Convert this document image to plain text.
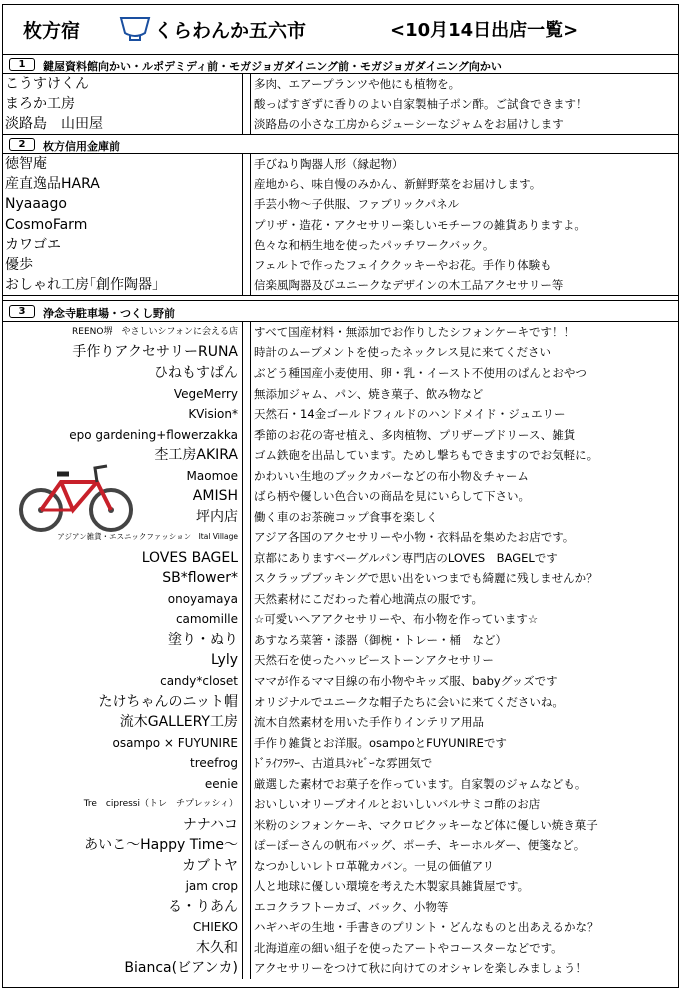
枚方宿	くらわんか五六市	<10月14日出店一覧>
1	鍵屋資料館向かい・ルポデミディ前・モガジョガダイニング前・モガジョガダイニング向かい
こうすけくん	多肉、エアープランツや他にも植物を。
まろか工房	酸っぱすぎずに香りのよい自家製柚子ポン酢。ご試食できます！
淡路島　山田屋	淡路島の小さな工房からジューシーなジャムをお届けします
2	枚方信用金庫前
徳智庵	手びねり陶器人形（縁起物）
産直逸品HARA	産地から、味自慢のみかん、新鮮野菜をお届けします。
Nyaaago	手芸小物～子供服、ファブリックパネル
CosmoFarm	プリザ・造花・アクセサリー楽しいモチーフの雑貨ありますよ。
カワゴエ	色々な和柄生地を使ったパッチワークバック。
優歩	フェルトで作ったフェイククッキーやお花。手作り体験も
おしゃれ工房｢創作陶器｣	信楽風陶器及びユニークなデザインの木工品アクセサリー等
3	浄念寺駐車場・つくし野前
REENO堺　やさしいシフォンに会える店	すべて国産材料・無添加でお作りしたシフォンケーキです！！
手作りアクセサリーRUNA	時計のムーブメントを使ったネックレス見に来てください
ひねもすぱん	ぶどう種国産小麦使用、卵・乳・イースト不使用のぱんとおやつ
VegeMerry	無添加ジャム、パン、焼き菓子、飲み物など
KVision*	天然石・14金ゴールドフィルドのハンドメイド・ジュエリー
epo gardening+flowerzakka	季節のお花の寄せ植え、多肉植物、プリザーブドリース、雑貨
杢工房AKIRA	ゴム鉄砲を出品しています。ためし撃ちもできますのでお気軽に。
Maomoe	かわいい生地のブックカバーなどの布小物＆チャーム
AMISH	ばら柄や優しい色合いの商品を見にいらして下さい。
坪内店	働く車のお茶碗コップ食事を楽しく
アジアン雑貨・エスニックファッション　Ital Village	アジア各国のアクセサリーや小物・衣料品を集めたお店です。
LOVES BAGEL	京都にありますベーグルパン専門店のLOVES　BAGELです
SB*flower*	スクラップブッキングで思い出をいつまでも綺麗に残しませんか？
onoyamaya	天然素材にこだわった着心地満点の服です。
camomille	☆可愛いヘアアクセサリーや、布小物を作っています☆
塗り・ぬり	あすなろ菜箸・漆器（御椀・トレー・桶　など）
Lyly	天然石を使ったハッピーストーンアクセサリー
candy*closet	ママが作るママ目線の布小物やキッズ服、babyグッズです
たけちゃんのニット帽	オリジナルでユニークな帽子たちに会いに来てくださいね。
流木GALLERY工房	流木自然素材を用いた手作りインテリア用品
osampo × FUYUNIRE	手作り雑貨とお洋服。osampoとFUYUNIREです
treefrog	ﾄﾞﾗｲﾌﾗﾜｰ、古道具ｼｬﾋﾞｰな雰囲気で
eenie	厳選した素材でお菓子を作っています。自家製のジャムなども。
Tre　cipressi（トレ　チプレッシィ）	おいしいオリーブオイルとおいしいバルサミコ酢のお店
ナナハコ	米粉のシフォンケーキ、マクロビクッキーなど体に優しい焼き菓子
あいこ～Happy Time～	ぽーぽーさんの帆布バッグ、ポーチ、キーホルダー、便箋など。
カブトヤ	なつかしいレトロ革靴カバン。一見の価値アリ
jam crop	人と地球に優しい環境を考えた木製家具雑貨屋です。
る・りあん	エコクラフトーカゴ、バック、小物等
CHIEKO	ハギハギの生地・手書きのプリント・どんなものと出あえるかな？
木久和	北海道産の細い組子を使ったアートやコースターなどです。
Bianca(ビアンカ)	アクセサリーをつけて秋に向けてのオシャレを楽しみましょう！
